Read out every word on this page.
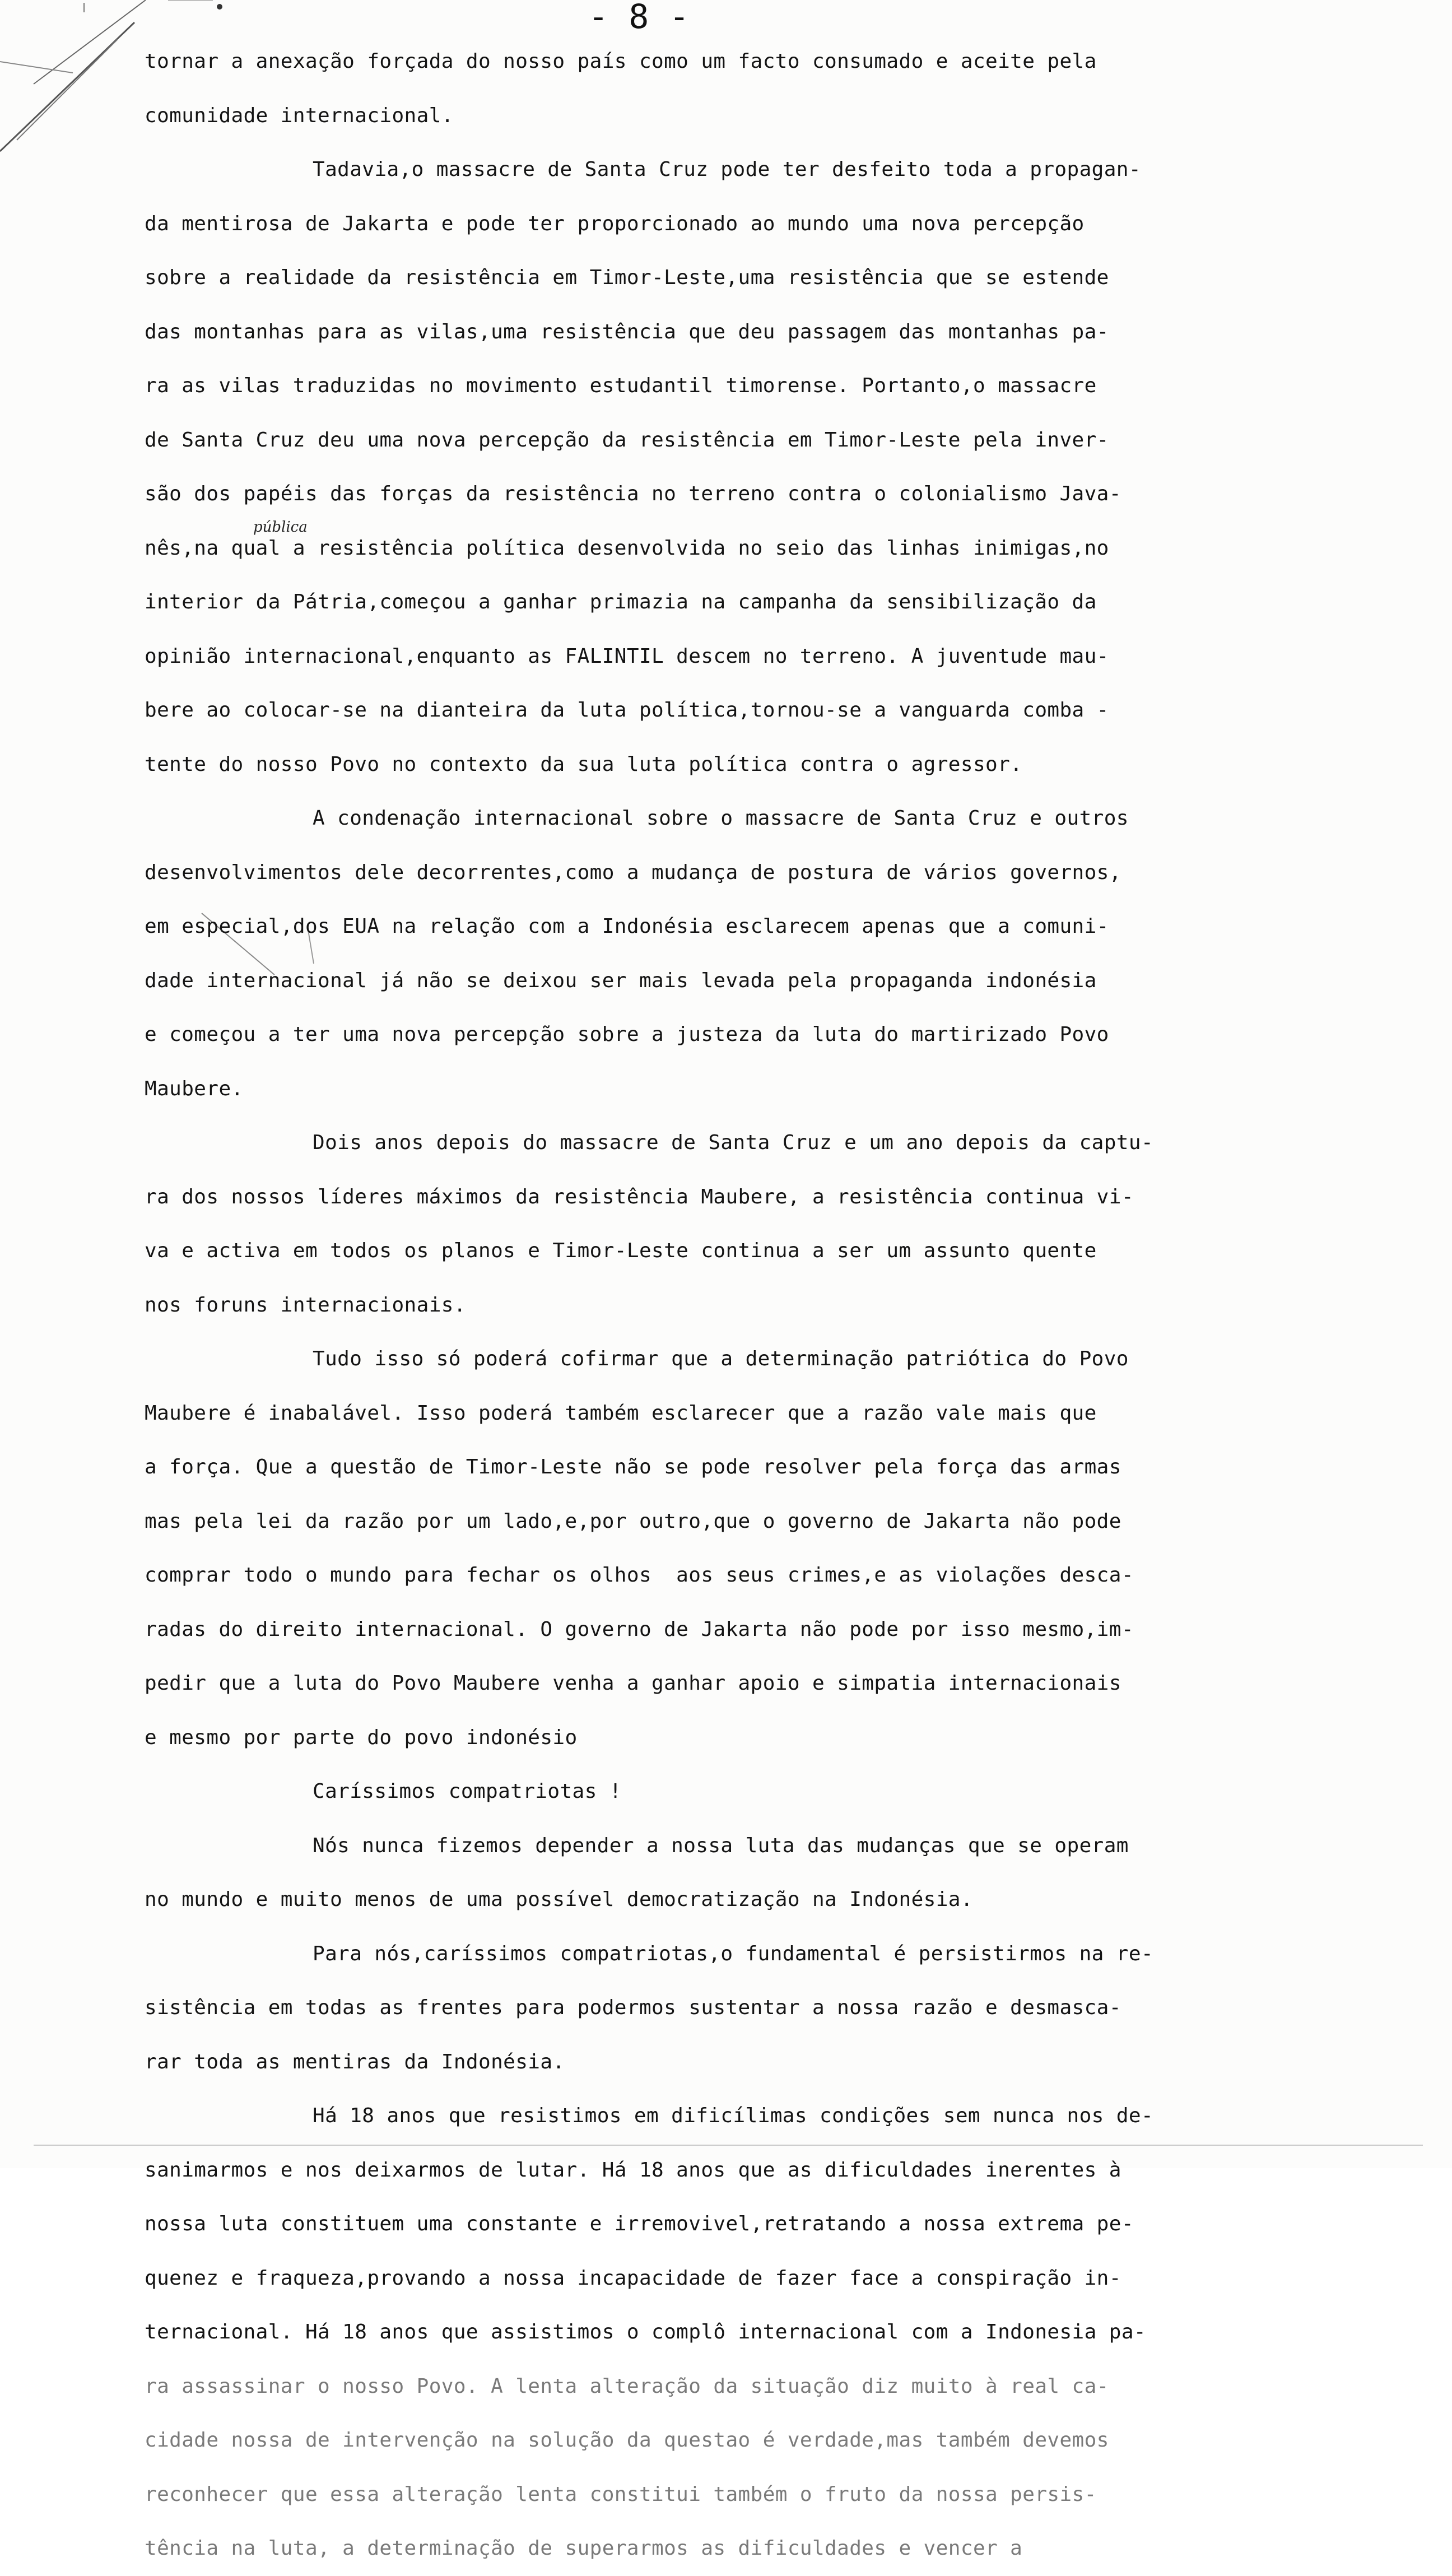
- 8 -
pública
tornar a anexação forçada do nosso país como um facto consumado e aceite pela
comunidade internacional.
Tadavia,o massacre de Santa Cruz pode ter desfeito toda a propagan-
da mentirosa de Jakarta e pode ter proporcionado ao mundo uma nova percepção
sobre a realidade da resistência em Timor-Leste,uma resistência que se estende
das montanhas para as vilas,uma resistência que deu passagem das montanhas pa-
ra as vilas traduzidas no movimento estudantil timorense. Portanto,o massacre
de Santa Cruz deu uma nova percepção da resistência em Timor-Leste pela inver-
são dos papéis das forças da resistência no terreno contra o colonialismo Java-
nês,na qual a resistência política desenvolvida no seio das linhas inimigas,no
interior da Pátria,começou a ganhar primazia na campanha da sensibilização da
opinião internacional,enquanto as FALINTIL descem no terreno. A juventude mau-
bere ao colocar-se na dianteira da luta política,tornou-se a vanguarda comba -
tente do nosso Povo no contexto da sua luta política contra o agressor.
A condenação internacional sobre o massacre de Santa Cruz e outros
desenvolvimentos dele decorrentes,como a mudança de postura de vários governos,
em especial,dos EUA na relação com a Indonésia esclarecem apenas que a comuni-
dade internacional já não se deixou ser mais levada pela propaganda indonésia
e começou a ter uma nova percepção sobre a justeza da luta do martirizado Povo
Maubere.
Dois anos depois do massacre de Santa Cruz e um ano depois da captu-
ra dos nossos líderes máximos da resistência Maubere, a resistência continua vi-
va e activa em todos os planos e Timor-Leste continua a ser um assunto quente
nos foruns internacionais.
Tudo isso só poderá cofirmar que a determinação patriótica do Povo
Maubere é inabalável. Isso poderá também esclarecer que a razão vale mais que
a força. Que a questão de Timor-Leste não se pode resolver pela força das armas
mas pela lei da razão por um lado,e,por outro,que o governo de Jakarta não pode
comprar todo o mundo para fechar os olhos  aos seus crimes,e as violações desca-
radas do direito internacional. O governo de Jakarta não pode por isso mesmo,im-
pedir que a luta do Povo Maubere venha a ganhar apoio e simpatia internacionais
e mesmo por parte do povo indonésio
Caríssimos compatriotas !
Nós nunca fizemos depender a nossa luta das mudanças que se operam
no mundo e muito menos de uma possível democratização na Indonésia.
Para nós,caríssimos compatriotas,o fundamental é persistirmos na re-
sistência em todas as frentes para podermos sustentar a nossa razão e desmasca-
rar toda as mentiras da Indonésia.
Há 18 anos que resistimos em dificílimas condições sem nunca nos de-
sanimarmos e nos deixarmos de lutar. Há 18 anos que as dificuldades inerentes à
nossa luta constituem uma constante e irremovivel,retratando a nossa extrema pe-
quenez e fraqueza,provando a nossa incapacidade de fazer face a conspiração in-
ternacional. Há 18 anos que assistimos o complô internacional com a Indonesia pa-
ra assassinar o nosso Povo. A lenta alteração da situação diz muito à real ca-
cidade nossa de intervenção na solução da questao é verdade,mas também devemos
reconhecer que essa alteração lenta constitui também o fruto da nossa persis-
tência na luta, a determinação de superarmos as dificuldades e vencer a
